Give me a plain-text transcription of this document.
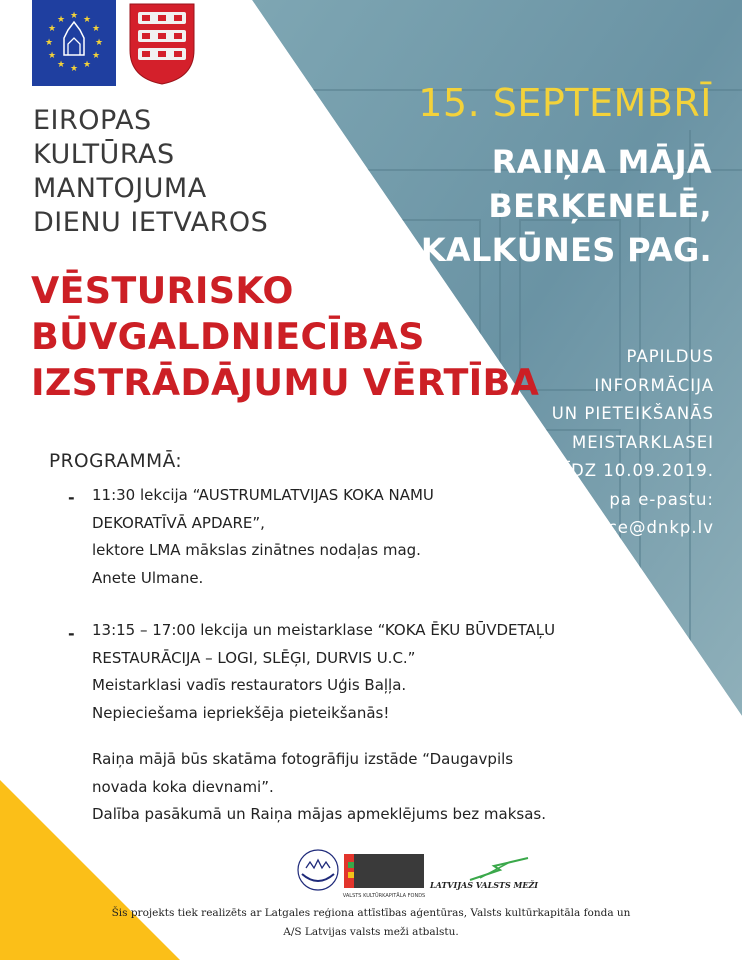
★ ★
★
★
★
★
★
★
★
★
★
★
EIROPAS
KULTŪRAS
MANTOJUMA
DIENU IETVAROS
VĒSTURISKO
BŪVGALDNIECĪBAS
IZSTRĀDĀJUMU VĒRTĪBA
15. SEPTEMBRĪ
RAIŅA MĀJĀ
BERĶENELĒ,
KALKŪNES PAG.
PAPILDUS
INFORMĀCIJA
UN PIETEIKŠANĀS
MEISTARKLASEI
LĪDZ 10.09.2019.
pa e-pastu:
aiva.lace@dnkp.lv
PROGRAMMĀ:
- 11:30 lekcija “AUSTRUMLATVIJAS KOKA NAMU
DEKORATĪVĀ APDARE”,
lektore LMA mākslas zinātnes nodaļas mag.
Anete Ulmane.
- 13:15 – 17:00 lekcija un meistarklase “KOKA ĒKU BŪVDETAĻU
RESTAURĀCIJA – LOGI, SLĒĢI, DURVIS U.C.”
Meistarklasi vadīs restaurators Uģis Baļļa.
Nepieciešama iepriekšēja pieteikšanās!
Raiņa mājā būs skatāma fotogrāfiju izstāde “Daugavpils
novada koka dievnami”.
Dalība pasākumā un Raiņa mājas apmeklējums bez maksas.
VALSTS KULTŪRKAPITĀLA FONDS
LATVIJAS VALSTS MEŽI
Šis projekts tiek realizēts ar Latgales reģiona attīstības aģentūras, Valsts kultūrkapitāla fonda un
A/S Latvijas valsts meži atbalstu.
